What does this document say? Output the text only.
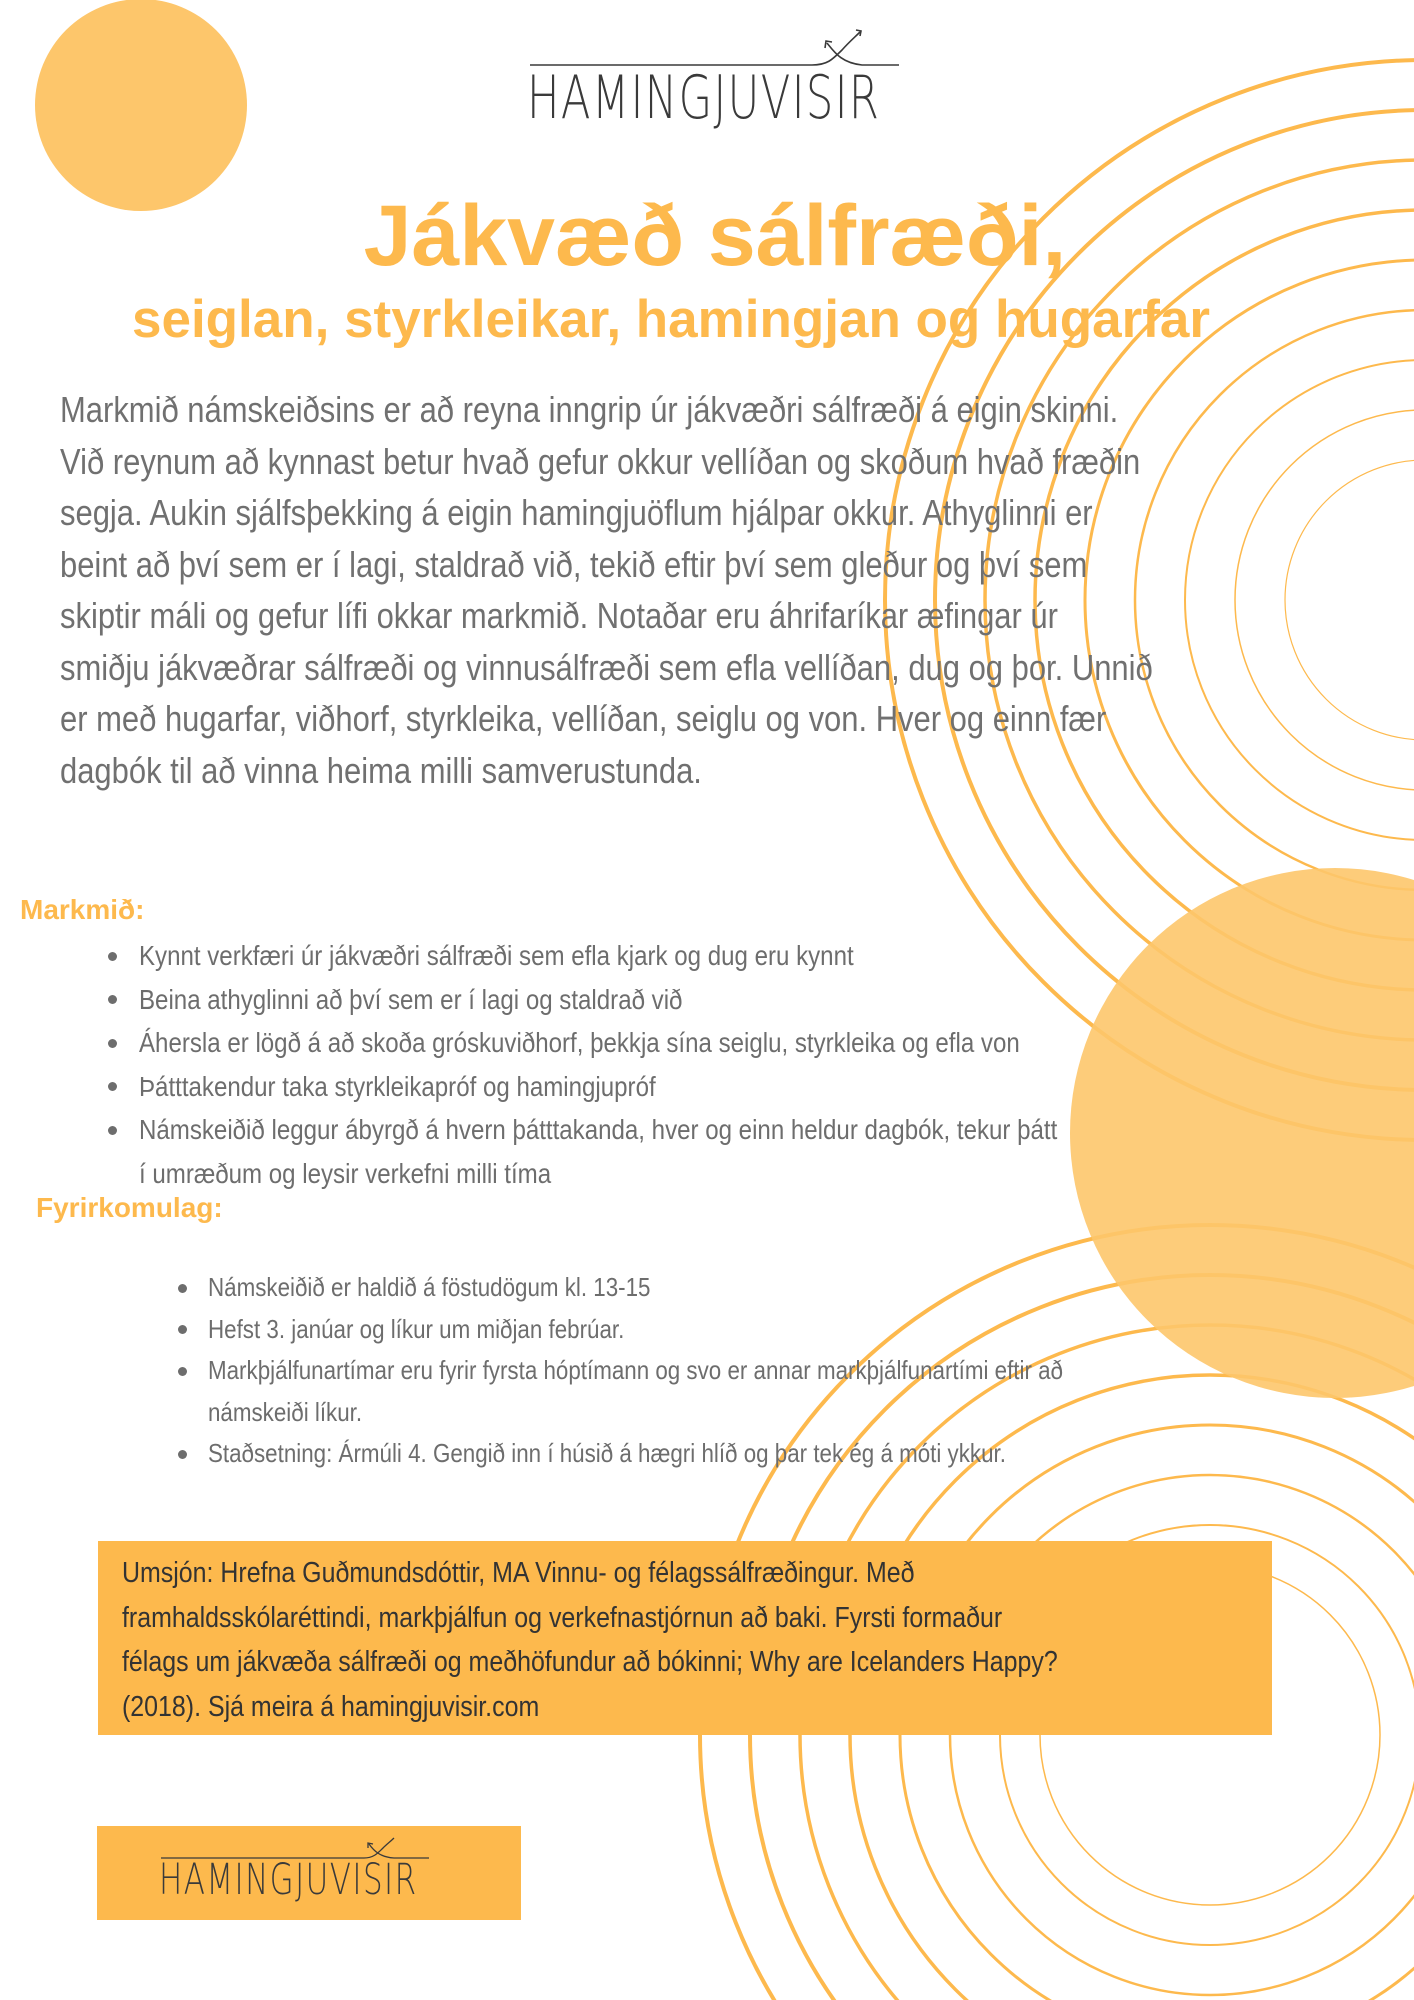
HAMINGJUVISIR
Jákvæð sálfræði,
seiglan, styrkleikar, hamingjan og hugarfar
Markmið námskeiðsins er að reyna inngrip úr jákvæðri sálfræði á eigin skinni.
Við reynum að kynnast betur hvað gefur okkur vellíðan og skoðum hvað fræðin
segja. Aukin sjálfsþekking á eigin hamingjuöflum hjálpar okkur. Athyglinni er
beint að því sem er í lagi, staldrað við, tekið eftir því sem gleður og því sem
skiptir máli og gefur lífi okkar markmið. Notaðar eru áhrifaríkar æfingar úr
smiðju jákvæðrar sálfræði og vinnusálfræði sem efla vellíðan, dug og þor. Unnið
er með hugarfar, viðhorf, styrkleika, vellíðan, seiglu og von. Hver og einn fær
dagbók til að vinna heima milli samverustunda.
Markmið:
Kynnt verkfæri úr jákvæðri sálfræði sem efla kjark og dug eru kynnt
Beina athyglinni að því sem er í lagi og staldrað við
Áhersla er lögð á að skoða gróskuviðhorf, þekkja sína seiglu, styrkleika og efla von
Þátttakendur taka styrkleikapróf og hamingjupróf
Námskeiðið leggur ábyrgð á hvern þátttakanda, hver og einn heldur dagbók, tekur þátt
í umræðum og leysir verkefni milli tíma
Fyrirkomulag:
Námskeiðið er haldið á föstudögum kl. 13-15
Hefst 3. janúar og líkur um miðjan febrúar.
Markþjálfunartímar eru fyrir fyrsta hóptímann og svo er annar markþjálfunartími eftir að
námskeiði líkur.
Staðsetning: Ármúli 4. Gengið inn í húsið á hægri hlíð og þar tek ég á móti ykkur.
Umsjón: Hrefna Guðmundsdóttir, MA Vinnu- og félagssálfræðingur. Með
framhaldsskólaréttindi, markþjálfun og verkefnastjórnun að baki. Fyrsti formaður
félags um jákvæða sálfræði og meðhöfundur að bókinni; Why are Icelanders Happy?
(2018). Sjá meira á hamingjuvisir.com
HAMINGJUVISIR
